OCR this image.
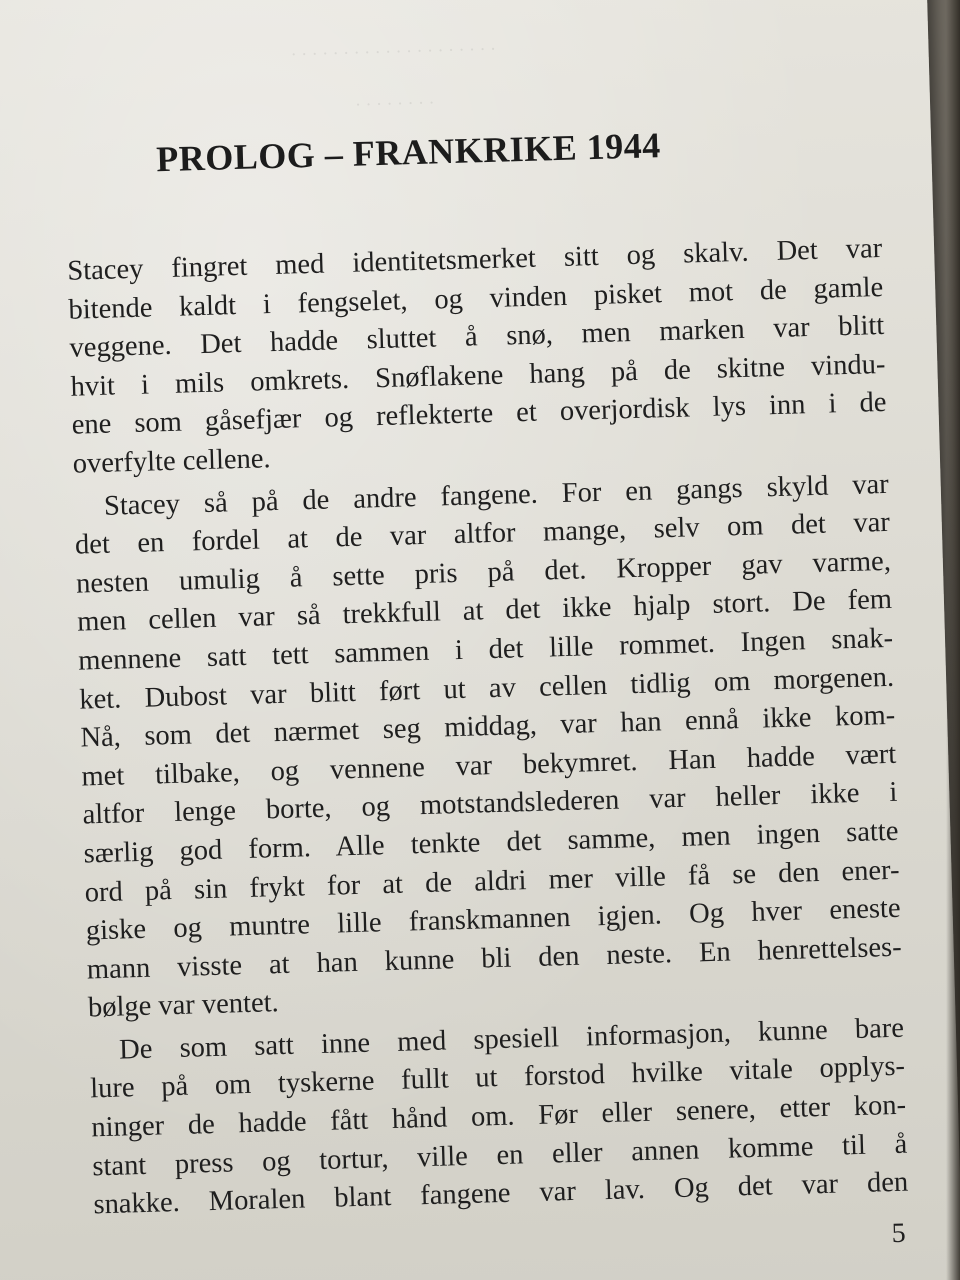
· · · · · · · · · · · · · · · · · · · ·
· · · · · · · ·
PROLOG – FRANKRIKE 1944
Stacey fingret med identitetsmerket sitt og skalv. Det var
bitende kaldt i fengselet, og vinden pisket mot de gamle
veggene. Det hadde sluttet å snø, men marken var blitt
hvit i mils omkrets. Snøflakene hang på de skitne vindu-
ene som gåsefjær og reflekterte et overjordisk lys inn i de
overfylte cellene.
Stacey så på de andre fangene. For en gangs skyld var
det en fordel at de var altfor mange, selv om det var
nesten umulig å sette pris på det. Kropper gav varme,
men cellen var så trekkfull at det ikke hjalp stort. De fem
mennene satt tett sammen i det lille rommet. Ingen snak-
ket. Dubost var blitt ført ut av cellen tidlig om morgenen.
Nå, som det nærmet seg middag, var han ennå ikke kom-
met tilbake, og vennene var bekymret. Han hadde vært
altfor lenge borte, og motstandslederen var heller ikke i
særlig god form. Alle tenkte det samme, men ingen satte
ord på sin frykt for at de aldri mer ville få se den ener-
giske og muntre lille franskmannen igjen. Og hver eneste
mann visste at han kunne bli den neste. En henrettelses-
bølge var ventet.
De som satt inne med spesiell informasjon, kunne bare
lure på om tyskerne fullt ut forstod hvilke vitale opplys-
ninger de hadde fått hånd om. Før eller senere, etter kon-
stant press og tortur, ville en eller annen komme til å
snakke. Moralen blant fangene var lav. Og det var den
5
